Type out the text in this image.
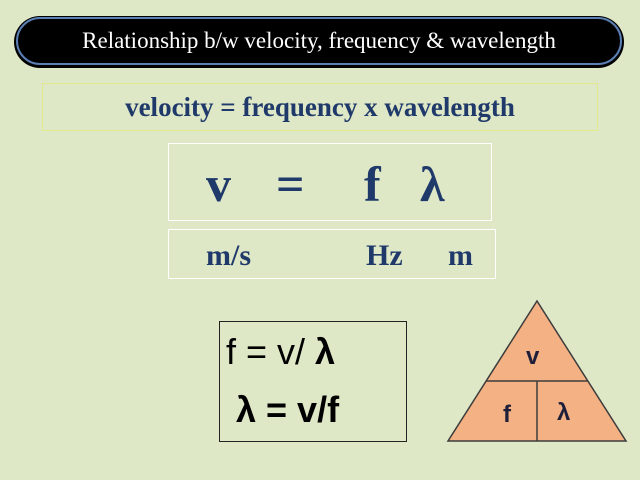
Relationship b/w velocity, frequency & wavelength
velocity = frequency x wavelength
v = f λ
m/s	Hz m
f = v/ λ
λ = v/f
v
f λ
